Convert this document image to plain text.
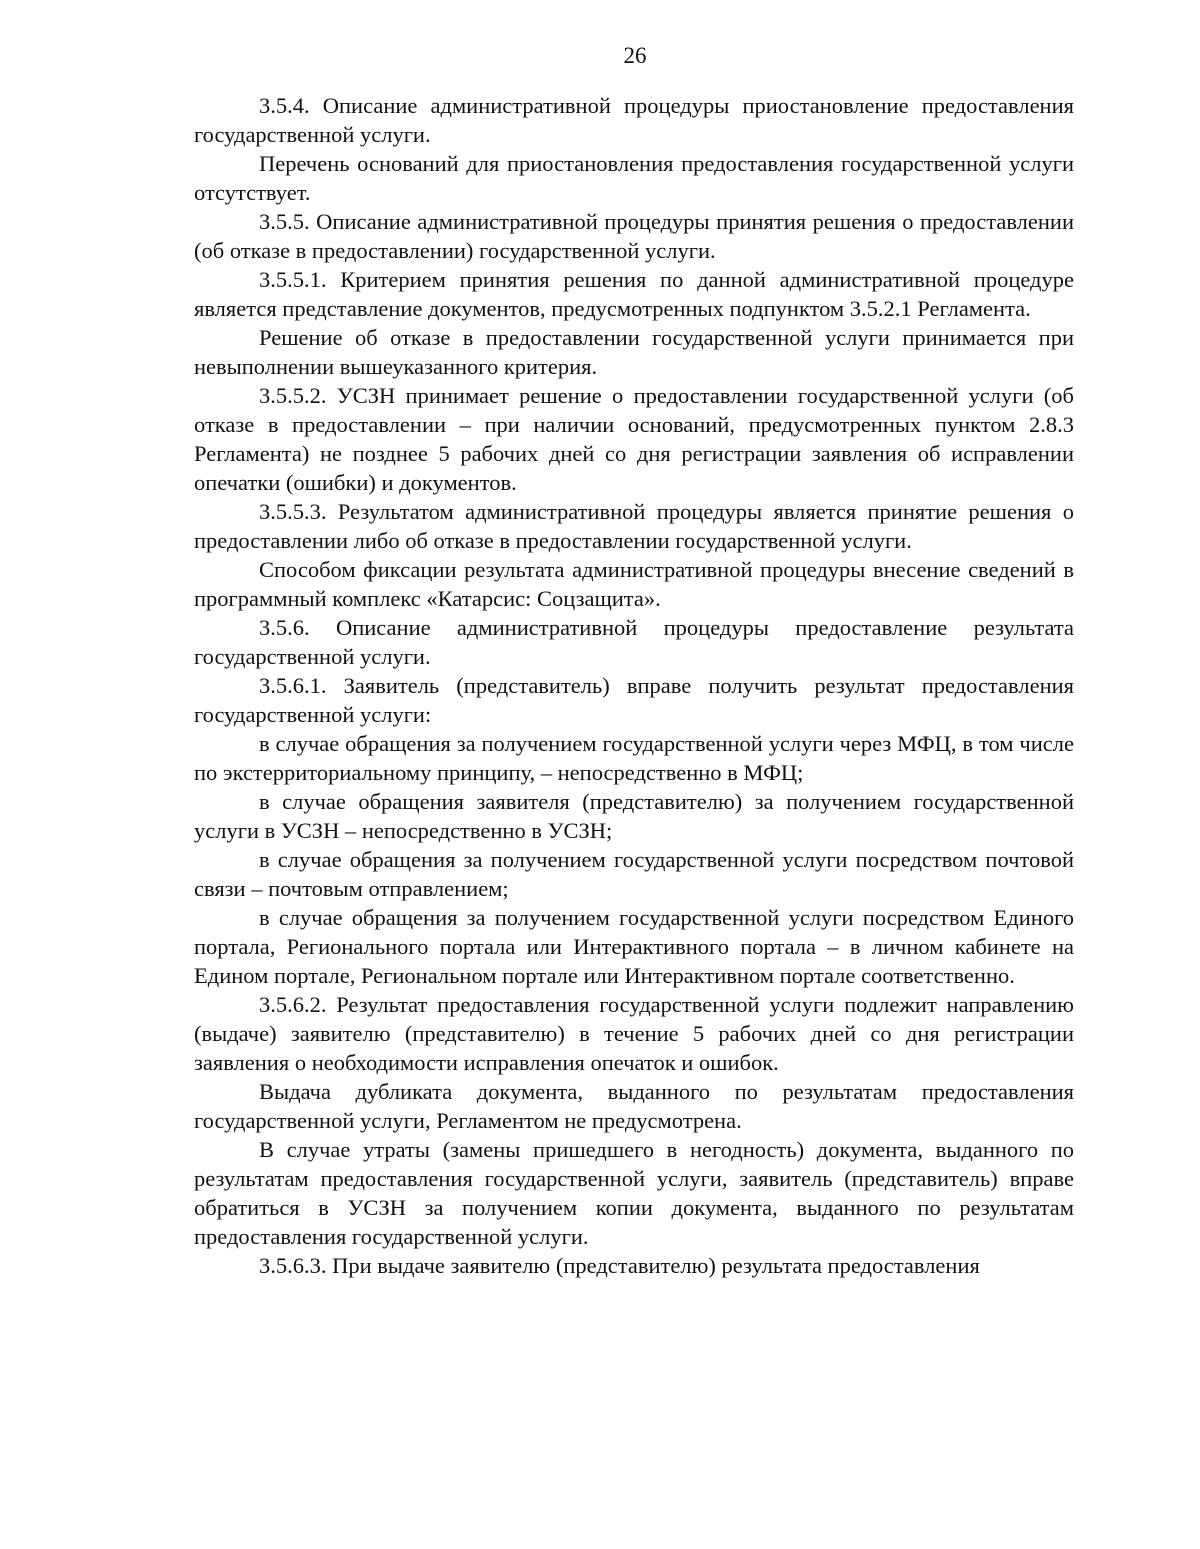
26

3.5.4. Описание административной процедуры приостановление предоставления государственной услуги.

Перечень оснований для приостановления предоставления государственной услуги отсутствует.

3.5.5. Описание административной процедуры принятия решения о предоставлении (об отказе в предоставлении) государственной услуги.

3.5.5.1. Критерием принятия решения по данной административной процедуре является представление документов, предусмотренных подпунктом 3.5.2.1 Регламента.

Решение об отказе в предоставлении государственной услуги принимается при невыполнении вышеуказанного критерия.

3.5.5.2. УСЗН принимает решение о предоставлении государственной услуги (об отказе в предоставлении – при наличии оснований, предусмотренных пунктом 2.8.3 Регламента) не позднее 5 рабочих дней со дня регистрации заявления об исправлении опечатки (ошибки) и документов.

3.5.5.3. Результатом административной процедуры является принятие решения о предоставлении либо об отказе в предоставлении государственной услуги.

Способом фиксации результата административной процедуры внесение сведений в программный комплекс «Катарсис: Соцзащита».

3.5.6. Описание административной процедуры предоставление результата государственной услуги.

3.5.6.1. Заявитель (представитель) вправе получить результат предоставления государственной услуги:

в случае обращения за получением государственной услуги через МФЦ, в том числе по экстерриториальному принципу, – непосредственно в МФЦ;

в случае обращения заявителя (представителю) за получением государственной услуги в УСЗН – непосредственно в УСЗН;

в случае обращения за получением государственной услуги посредством почтовой связи – почтовым отправлением;

в случае обращения за получением государственной услуги посредством Единого портала, Регионального портала или Интерактивного портала – в личном кабинете на Едином портале, Региональном портале или Интерактивном портале соответственно.

3.5.6.2. Результат предоставления государственной услуги подлежит направлению (выдаче) заявителю (представителю) в течение 5 рабочих дней со дня регистрации заявления о необходимости исправления опечаток и ошибок.

Выдача дубликата документа, выданного по результатам предоставления государственной услуги, Регламентом не предусмотрена.

В случае утраты (замены пришедшего в негодность) документа, выданного по результатам предоставления государственной услуги, заявитель (представитель) вправе обратиться в УСЗН за получением копии документа, выданного по результатам предоставления государственной услуги.

3.5.6.3. При выдаче заявителю (представителю) результата предоставления
